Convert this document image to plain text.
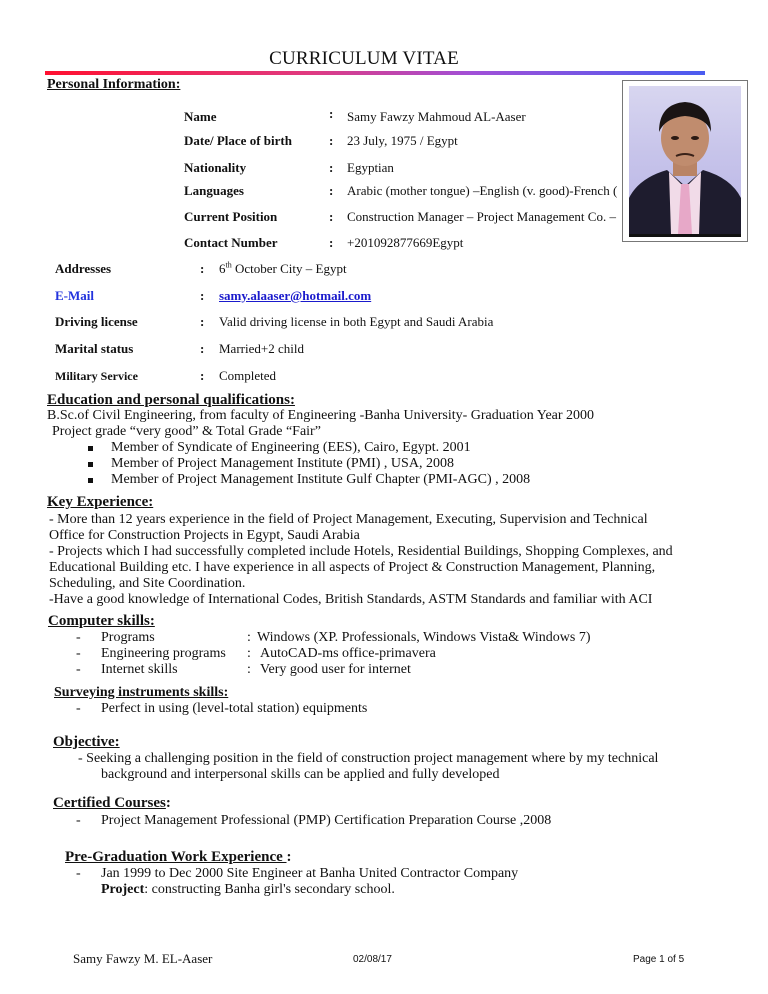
CURRICULUM VITAE
Personal Information:
Name	: Samy Fawzy Mahmoud AL-Aaser
Date/ Place of birth	: 23 July, 1975 / Egypt
Nationality	: Egyptian
Languages	: Arabic (mother tongue) –English (v. good)-French (
Current Position	: Construction Manager – Project Management Co. –
Contact Number	: +201092877669Egypt
Addresses	: 6th October City – Egypt
E-Mail	: samy.alaaser@hotmail.com
Driving license	: Valid driving license in both Egypt and Saudi Arabia
Marital status	: Married+2 child
Military Service	: Completed
Education and personal qualifications:
B.Sc.of Civil Engineering, from faculty of Engineering -Banha University- Graduation Year 2000
Project grade “very good” & Total Grade “Fair”
Member of Syndicate of Engineering (EES), Cairo, Egypt. 2001
Member of Project Management Institute (PMI) , USA, 2008
Member of Project Management Institute Gulf Chapter (PMI-AGC) , 2008
Key Experience:
- More than 12 years experience in the field of Project Management, Executing, Supervision and Technical
Office for Construction Projects in Egypt, Saudi Arabia
- Projects which I had successfully completed include Hotels, Residential Buildings, Shopping Complexes, and
Educational Building etc. I have experience in all aspects of Project & Construction Management, Planning,
Scheduling, and Site Coordination.
-Have a good knowledge of International Codes, British Standards, ASTM Standards and familiar with ACI
Computer skills:
- Programs	: Windows (XP. Professionals, Windows Vista& Windows 7)
- Engineering programs : AutoCAD-ms office-primavera
- Internet skills	: Very good user for internet
Surveying instruments skills:
- Perfect in using (level-total station) equipments
Objective:
- Seeking a challenging position in the field of construction project management where by my technical
background and interpersonal skills can be applied and fully developed
Certified Courses:
- Project Management Professional (PMP) Certification Preparation Course ,2008
Pre-Graduation Work Experience :
- Jan 1999 to Dec 2000 Site Engineer at Banha United Contractor Company
Project: constructing Banha girl's secondary school.
Samy Fawzy M. EL-Aaser	02/08/17	Page 1 of 5
